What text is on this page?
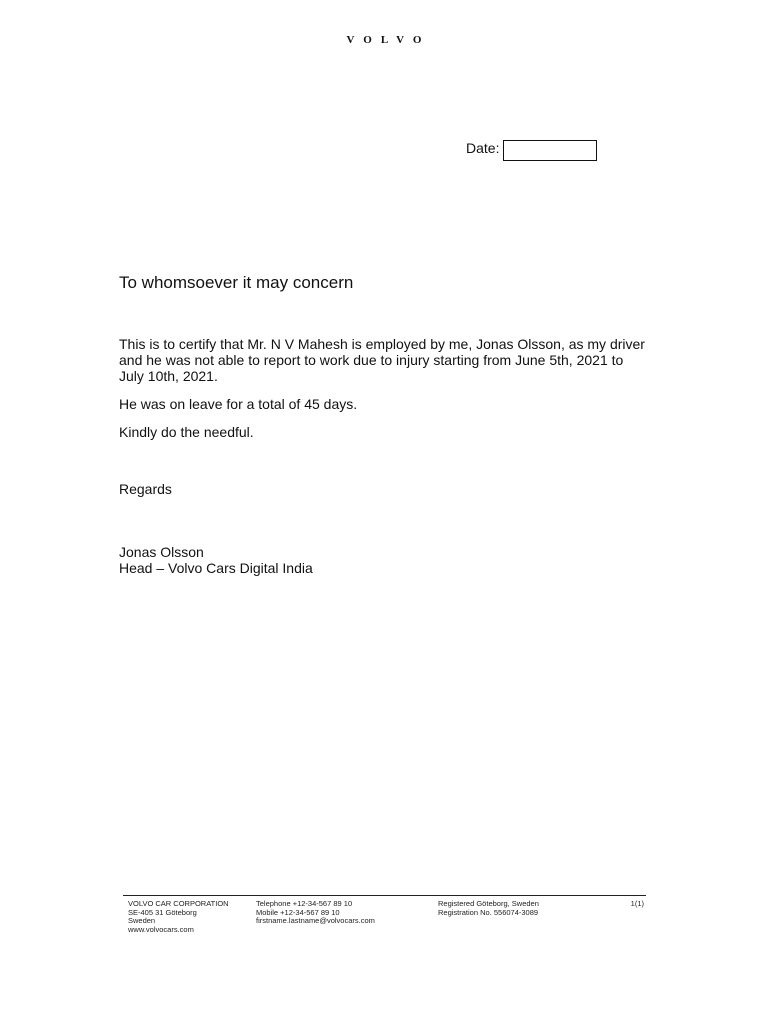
VOLVO
Date:
To whomsoever it may concern

This is to certify that Mr. N V Mahesh is employed by me, Jonas Olsson, as my driver and he was not able to report to work due to injury starting from June 5th, 2021 to July 10th, 2021.

He was on leave for a total of 45 days.

Kindly do the needful.

Regards

Jonas Olsson

Head – Volvo Cars Digital India

VOLVO CAR CORPORATION
SE-405 31 Göteborg
Sweden
www.volvocars.com
Telephone +12-34-567 89 10
Mobile +12-34-567 89 10
firstname.lastname@volvocars.com
Registered Göteborg, Sweden
Registration No. 556074-3089
1(1)
